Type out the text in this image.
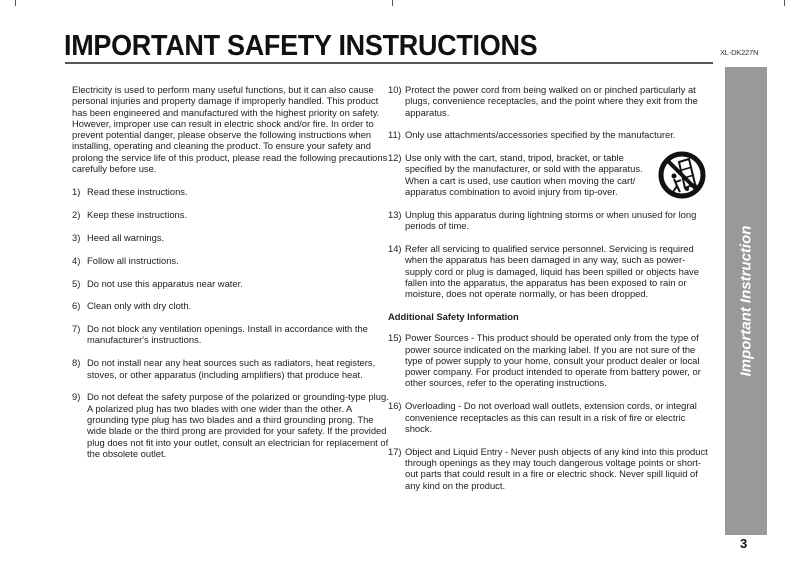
IMPORTANT SAFETY INSTRUCTIONS	XL-DK227N
Important Instruction
3

Electricity is used to perform many useful functions, but it can also cause personal injuries and property damage if improperly handled. This product has been engineered and manufactured with the highest priority on safety. However, improper use can result in electric shock and/or fire. In order to prevent potential danger, please observe the following instructions when installing, operating and cleaning the product. To ensure your safety and prolong the service life of this product, please read the following precautions carefully before use.

1) Read these instructions.
2) Keep these instructions.
3) Heed all warnings.
4) Follow all instructions.
5) Do not use this apparatus near water.
6) Clean only with dry cloth.
7) Do not block any ventilation openings. Install in accordance with the manufacturer's instructions.
8) Do not install near any heat sources such as radiators, heat registers, stoves, or other apparatus (including amplifiers) that produce heat.
9) Do not defeat the safety purpose of the polarized or grounding-type plug. A polarized plug has two blades with one wider than the other. A grounding type plug has two blades and a third grounding prong. The wide blade or the third prong are provided for your safety. If the provided plug does not fit into your outlet, consult an electrician for replacement of the obsolete outlet.
10) Protect the power cord from being walked on or pinched particularly at plugs, convenience receptacles, and the point where they exit from the apparatus.
11) Only use attachments/accessories specified by the manufacturer.
12) Use only with the cart, stand, tripod, bracket, or table specified by the manufacturer, or sold with the apparatus. When a cart is used, use caution when moving the cart/ apparatus combination to avoid injury from tip-over.
13) Unplug this apparatus during lightning storms or when unused for long periods of time.
14) Refer all servicing to qualified service personnel. Servicing is required when the apparatus has been damaged in any way, such as power-supply cord or plug is damaged, liquid has been spilled or objects have fallen into the apparatus, the apparatus has been exposed to rain or moisture, does not operate normally, or has been dropped.
Additional Safety Information
15) Power Sources - This product should be operated only from the type of power source indicated on the marking label. If you are not sure of the type of power supply to your home, consult your product dealer or local power company. For product intended to operate from battery power, or other sources, refer to the operating instructions.
16) Overloading - Do not overload wall outlets, extension cords, or integral convenience receptacles as this can result in a risk of fire or electric shock.
17) Object and Liquid Entry - Never push objects of any kind into this product through openings as they may touch dangerous voltage points or short-out parts that could result in a fire or electric shock. Never spill liquid of any kind on the product.
